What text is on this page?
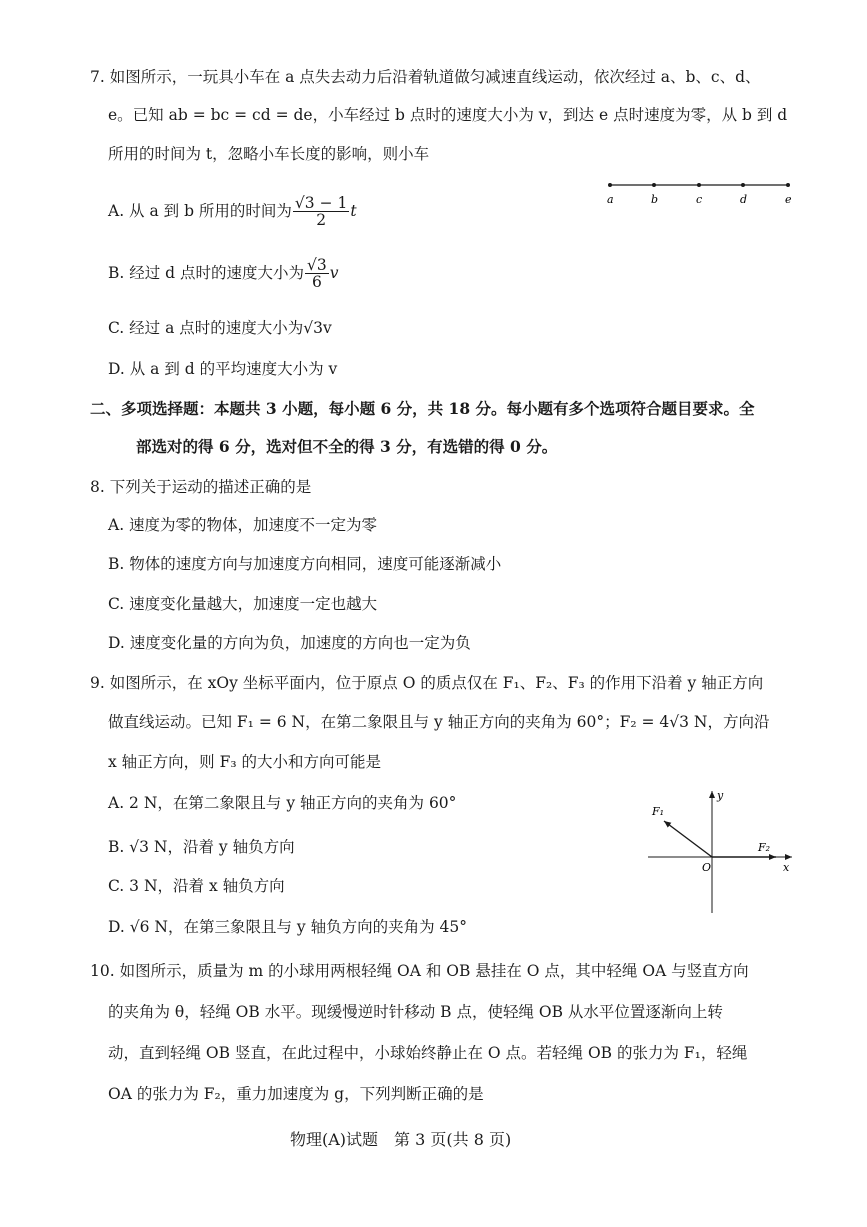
7. 如图所示，一玩具小车在 a 点失去动力后沿着轨道做匀减速直线运动，依次经过 a、b、c、d、
e。已知 ab = bc = cd = de，小车经过 b 点时的速度大小为 v，到达 e 点时速度为零，从 b 到 d
所用的时间为 t，忽略小车长度的影响，则小车
A. 从 a 到 b 所用的时间为 $\frac{√3 - 1}{2}$ t
B. 经过 d 点时的速度大小为 $\frac{√3}{6}$ v
C. 经过 a 点时的速度大小为√3v
D. 从 a 到 d 的平均速度大小为 v
a	b	c	d	e
二、多项选择题：本题共 3 小题，每小题 6 分，共 18 分。每小题有多个选项符合题目要求。全
部选对的得 6 分，选对但不全的得 3 分，有选错的得 0 分。
8. 下列关于运动的描述正确的是
A. 速度为零的物体，加速度不一定为零
B. 物体的速度方向与加速度方向相同，速度可能逐渐减小
C. 速度变化量越大，加速度一定也越大
D. 速度变化量的方向为负，加速度的方向也一定为负
9. 如图所示，在 xOy 坐标平面内，位于原点 O 的质点仅在 F₁、F₂、F₃ 的作用下沿着 y 轴正方向
做直线运动。已知 F₁ = 6 N，在第二象限且与 y 轴正方向的夹角为 60°；F₂ = 4√3 N，方向沿
x 轴正方向，则 F₃ 的大小和方向可能是
A. 2 N，在第二象限且与 y 轴正方向的夹角为 60°
B. √3 N，沿着 y 轴负方向
C. 3 N，沿着 x 轴负方向
D. √6 N，在第三象限且与 y 轴负方向的夹角为 45°
F₁
F₂
O	x
y
10. 如图所示，质量为 m 的小球用两根轻绳 OA 和 OB 悬挂在 O 点，其中轻绳 OA 与竖直方向
的夹角为 θ，轻绳 OB 水平。现缓慢逆时针移动 B 点，使轻绳 OB 从水平位置逐渐向上转
动，直到轻绳 OB 竖直，在此过程中，小球始终静止在 O 点。若轻绳 OB 的张力为 F₁，轻绳
OA 的张力为 F₂，重力加速度为 g，下列判断正确的是
物理(A)试题　第 3 页(共 8 页)
